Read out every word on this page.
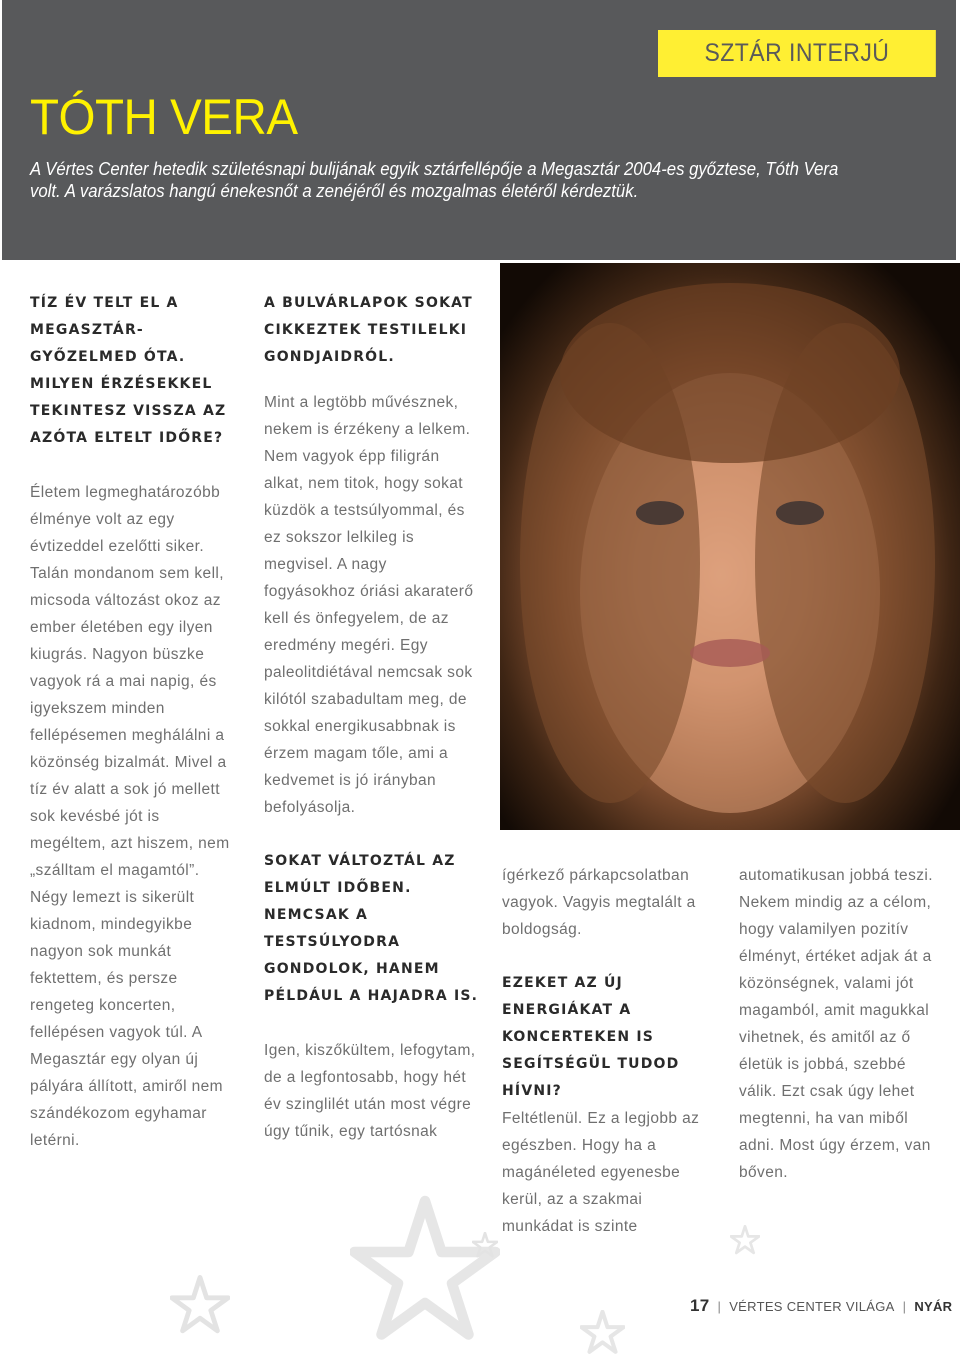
SZTÁR INTERJÚ
TÓTH VERA

A Vértes Center hetedik születésnapi bulijának egyik sztárfellépője a Megasztár 2004-es győztese, Tóth Vera volt. A varázslatos hangú énekesnőt a zenéjéről és mozgalmas életéről kérdeztük.

TÍZ ÉV TELT EL A MEGASZTÁR-GYŐZELMED ÓTA. MILYEN ÉRZÉSEKKEL TEKINTESZ VISSZA AZ AZÓTA ELTELT IDŐRE?

Életem legmeghatározóbb élménye volt az egy évtizeddel ezelőtti siker. Talán mondanom sem kell, micsoda változást okoz az ember életében egy ilyen kiugrás. Nagyon büszke vagyok rá a mai napig, és igyekszem minden fellépésemen meghálálni a közönség bizalmát. Mivel a tíz év alatt a sok jó mellett sok kevésbé jót is megéltem, azt hiszem, nem „szálltam el magamtól”. Négy lemezt is sikerült kiadnom, mindegyikbe nagyon sok munkát fektettem, és persze rengeteg koncerten, fellépésen vagyok túl. A Megasztár egy olyan új pályára állított, amiről nem szándékozom egyhamar letérni.

A BULVÁRLAPOK SOKAT CIKKEZTEK TESTILELKI GONDJAIDRÓL.

Mint a legtöbb művésznek, nekem is érzékeny a lelkem. Nem vagyok épp filigrán alkat, nem titok, hogy sokat küzdök a testsúlyommal, és ez sokszor lelkileg is megvisel. A nagy fogyásokhoz óriási akaraterő kell és önfegyelem, de az eredmény megéri. Egy paleolitdiétával nemcsak sok kilótól szabadultam meg, de sokkal energikusabbnak is érzem magam tőle, ami a kedvemet is jó irányban befolyásolja.

SOKAT VÁLTOZTÁL AZ ELMÚLT IDŐBEN. NEMCSAK A TESTSÚLYODRA GONDOLOK, HANEM PÉLDÁUL A HAJADRA IS.

Igen, kiszőkültem, lefogytam, de a legfontosabb, hogy hét év szinglilét után most végre úgy tűnik, egy tartósnak

ígérkező párkapcsolatban vagyok. Vagyis megtalált a boldogság.

EZEKET AZ ÚJ ENERGIÁKAT A KONCERTEKEN IS SEGÍTSÉGÜL TUDOD HÍVNI?

Feltétlenül. Ez a legjobb az egészben. Hogy ha a magánéleted egyenesbe kerül, az a szakmai munkádat is szinte

automatikusan jobbá teszi. Nekem mindig az a célom, hogy valamilyen pozitív élményt, értéket adjak át a közönségnek, valami jót magamból, amit magukkal vihetnek, és amitől az ő életük is jobbá, szebbé válik. Ezt csak úgy lehet megtenni, ha van miből adni. Most úgy érzem, van bőven.

17 | VÉRTES CENTER VILÁGA | NYÁR
